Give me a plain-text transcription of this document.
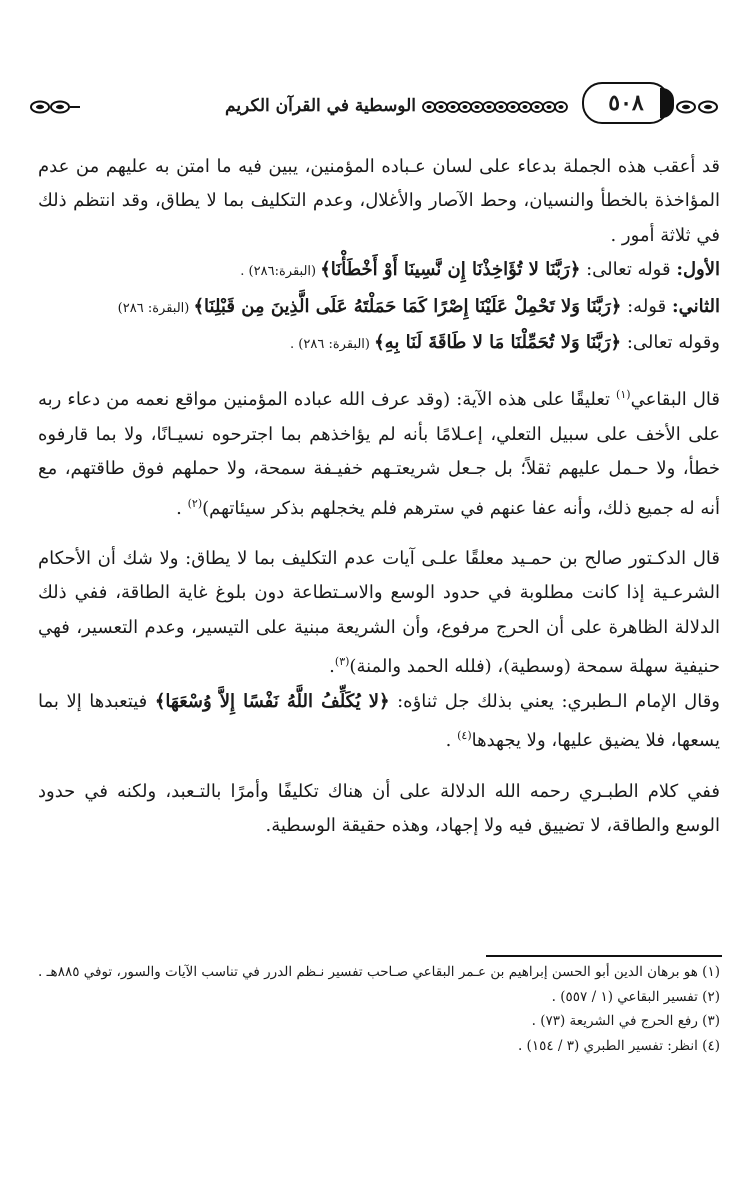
الوسطية في القرآن الكريم	٥٠٨

قد أعقب هذه الجملة بدعاء على لسان عـباده المؤمنين، يبين فيه ما امتن به عليهم من عدم المؤاخذة بالخطأ والنسيان، وحط الآصار والأغلال، وعدم التكليف بما لا يطاق، وقد انتظم ذلك في ثلاثة أمور .

الأول: قوله تعالى: ﴿رَبَّنَا لا تُؤَاخِذْنَا إِن نَّسِينَا أَوْ أَخْطَأْنَا﴾ (البقرة:٢٨٦) .

الثاني: قوله: ﴿رَبَّنَا وَلا تَحْمِلْ عَلَيْنَا إِصْرًا كَمَا حَمَلْتَهُ عَلَى الَّذِينَ مِن قَبْلِنَا﴾ (البقرة: ٢٨٦)

وقوله تعالى: ﴿رَبَّنَا وَلا تُحَمِّلْنَا مَا لا طَاقَةَ لَنَا بِهِ﴾ (البقرة: ٢٨٦) .

قال البقاعي$^{(١)}$ تعليقًا على هذه الآية: (وقد عرف الله عباده المؤمنين مواقع نعمه من دعاء ربه على الأخف على سبيل التعلي، إعـلامًا بأنه لم يؤاخذهم بما اجترحوه نسيـانًا، ولا بما قارفوه خطأ، ولا حـمل عليهم ثقلاً؛ بل جـعل شريعتـهم خفيـفة سمحة، ولا حملهم فوق طاقتهم، مع أنه له جميع ذلك، وأنه عفا عنهم في سترهم فلم يخجلهم بذكر سيئاتهم)$^{(٢)}$ .

قال الدكـتور صالح بن حمـيد معلقًا علـى آيات عدم التكليف بما لا يطاق: ولا شك أن الأحكام الشرعـية إذا كانت مطلوبة في حدود الوسع والاسـتطاعة دون بلوغ غاية الطاقة، ففي ذلك الدلالة الظاهرة على أن الحرج مرفوع، وأن الشريعة مبنية على التيسير، وعدم التعسير، فهي حنيفية سهلة سمحة (وسطية)، (فلله الحمد والمنة)$^{(٣)}$.

وقال الإمام الـطبري: يعني بذلك جل ثناؤه: ﴿لا يُكَلِّفُ اللَّهُ نَفْسًا إِلاَّ وُسْعَهَا﴾ فيتعبدها إلا بما يسعها، فلا يضيق عليها، ولا يجهدها$^{(٤)}$ .

ففي كلام الطبـري رحمه الله الدلالة على أن هناك تكليفًا وأمرًا بالتـعبد، ولكنه في حدود الوسع والطاقة، لا تضييق فيه ولا إجهاد، وهذه حقيقة الوسطية.

(١) هو برهان الدين أبو الحسن إبراهيم بن عـمر البقاعي صـاحب تفسير نـظم الدرر في تناسب الآيات والسور، توفي ٨٨٥هـ .

(٢) تفسير البقاعي (١ / ٥٥٧) .

(٣) رفع الحرج في الشريعة (٧٣) .

(٤) انظر: تفسير الطبري (٣ / ١٥٤) .
